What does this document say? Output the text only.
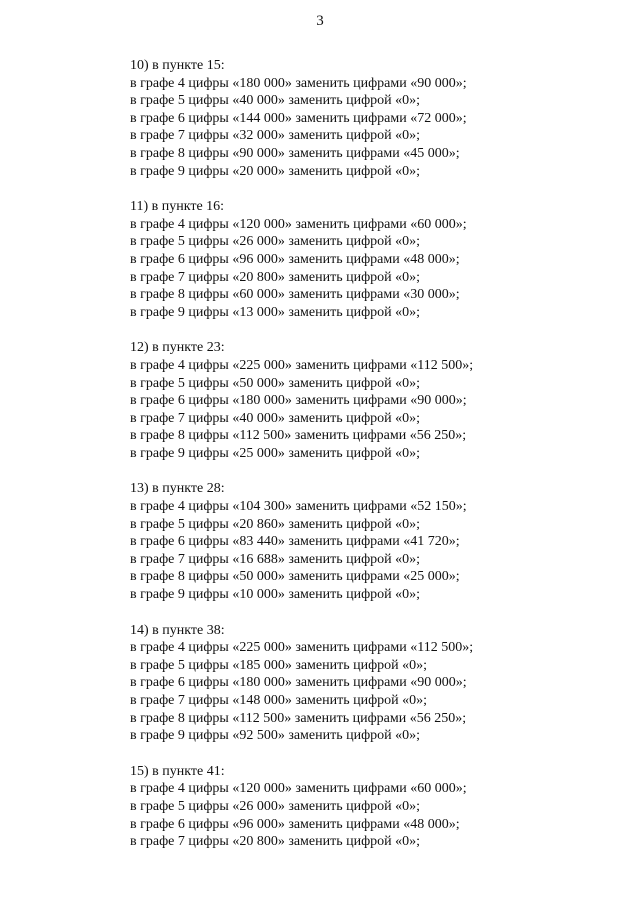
3
10) в пункте 15:
в графе 4 цифры «180 000» заменить цифрами «90 000»;
в графе 5 цифры «40 000» заменить цифрой «0»;
в графе 6 цифры «144 000» заменить цифрами «72 000»;
в графе 7 цифры «32 000» заменить цифрой «0»;
в графе 8 цифры «90 000» заменить цифрами «45 000»;
в графе 9 цифры «20 000» заменить цифрой «0»;
11) в пункте 16:
в графе 4 цифры «120 000» заменить цифрами «60 000»;
в графе 5 цифры «26 000» заменить цифрой «0»;
в графе 6 цифры «96 000» заменить цифрами «48 000»;
в графе 7 цифры «20 800» заменить цифрой «0»;
в графе 8 цифры «60 000» заменить цифрами «30 000»;
в графе 9 цифры «13 000» заменить цифрой «0»;
12) в пункте 23:
в графе 4 цифры «225 000» заменить цифрами «112 500»;
в графе 5 цифры «50 000» заменить цифрой «0»;
в графе 6 цифры «180 000» заменить цифрами «90 000»;
в графе 7 цифры «40 000» заменить цифрой «0»;
в графе 8 цифры «112 500» заменить цифрами «56 250»;
в графе 9 цифры «25 000» заменить цифрой «0»;
13) в пункте 28:
в графе 4 цифры «104 300» заменить цифрами «52 150»;
в графе 5 цифры «20 860» заменить цифрой «0»;
в графе 6 цифры «83 440» заменить цифрами «41 720»;
в графе 7 цифры «16 688» заменить цифрой «0»;
в графе 8 цифры «50 000» заменить цифрами «25 000»;
в графе 9 цифры «10 000» заменить цифрой «0»;
14) в пункте 38:
в графе 4 цифры «225 000» заменить цифрами «112 500»;
в графе 5 цифры «185 000» заменить цифрой «0»;
в графе 6 цифры «180 000» заменить цифрами «90 000»;
в графе 7 цифры «148 000» заменить цифрой «0»;
в графе 8 цифры «112 500» заменить цифрами «56 250»;
в графе 9 цифры «92 500» заменить цифрой «0»;
15) в пункте 41:
в графе 4 цифры «120 000» заменить цифрами «60 000»;
в графе 5 цифры «26 000» заменить цифрой «0»;
в графе 6 цифры «96 000» заменить цифрами «48 000»;
в графе 7 цифры «20 800» заменить цифрой «0»;
